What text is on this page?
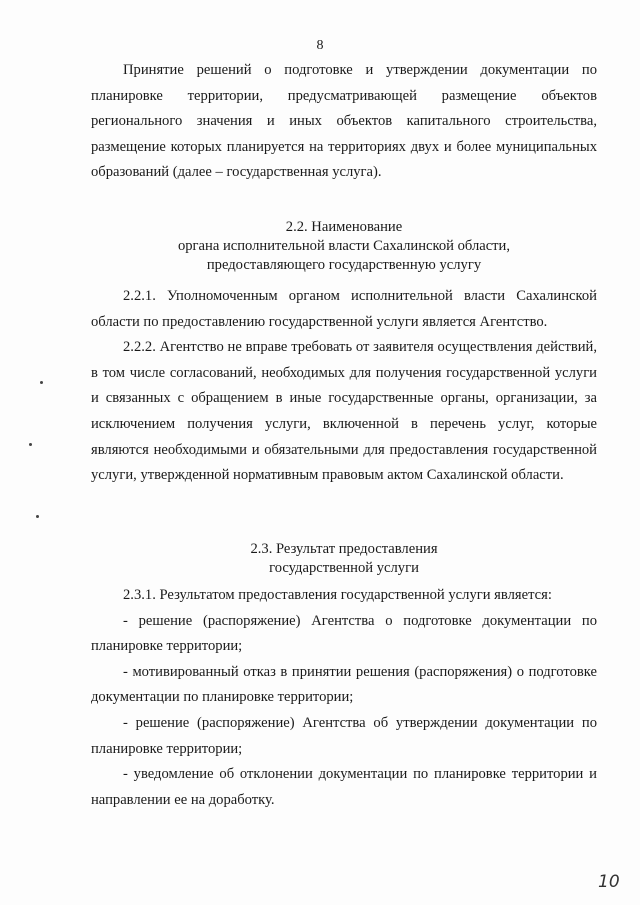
8

Принятие решений о подготовке и утверждении документации по планировке территории, предусматривающей размещение объектов регионального значения и иных объектов капитального строительства, размещение которых планируется на территориях двух и более муниципальных образований (далее – государственная услуга).

2.2. Наименование
органа исполнительной власти Сахалинской области,
предоставляющего государственную услугу

2.2.1. Уполномоченным органом исполнительной власти Сахалинской области по предоставлению государственной услуги является Агентство.

2.2.2. Агентство не вправе требовать от заявителя осуществления действий, в том числе согласований, необходимых для получения государственной услуги и связанных с обращением в иные государственные органы, организации, за исключением получения услуги, включенной в перечень услуг, которые являются необходимыми и обязательными для предоставления государственной услуги, утвержденной нормативным правовым актом Сахалинской области.

2.3. Результат предоставления
государственной услуги

2.3.1. Результатом предоставления государственной услуги является:

- решение (распоряжение) Агентства о подготовке документации по планировке территории;

- мотивированный отказ в принятии решения (распоряжения) о подготовке документации по планировке территории;

- решение (распоряжение) Агентства об утверждении документации по планировке территории;

- уведомление об отклонении документации по планировке территории и направлении ее на доработку.

10
